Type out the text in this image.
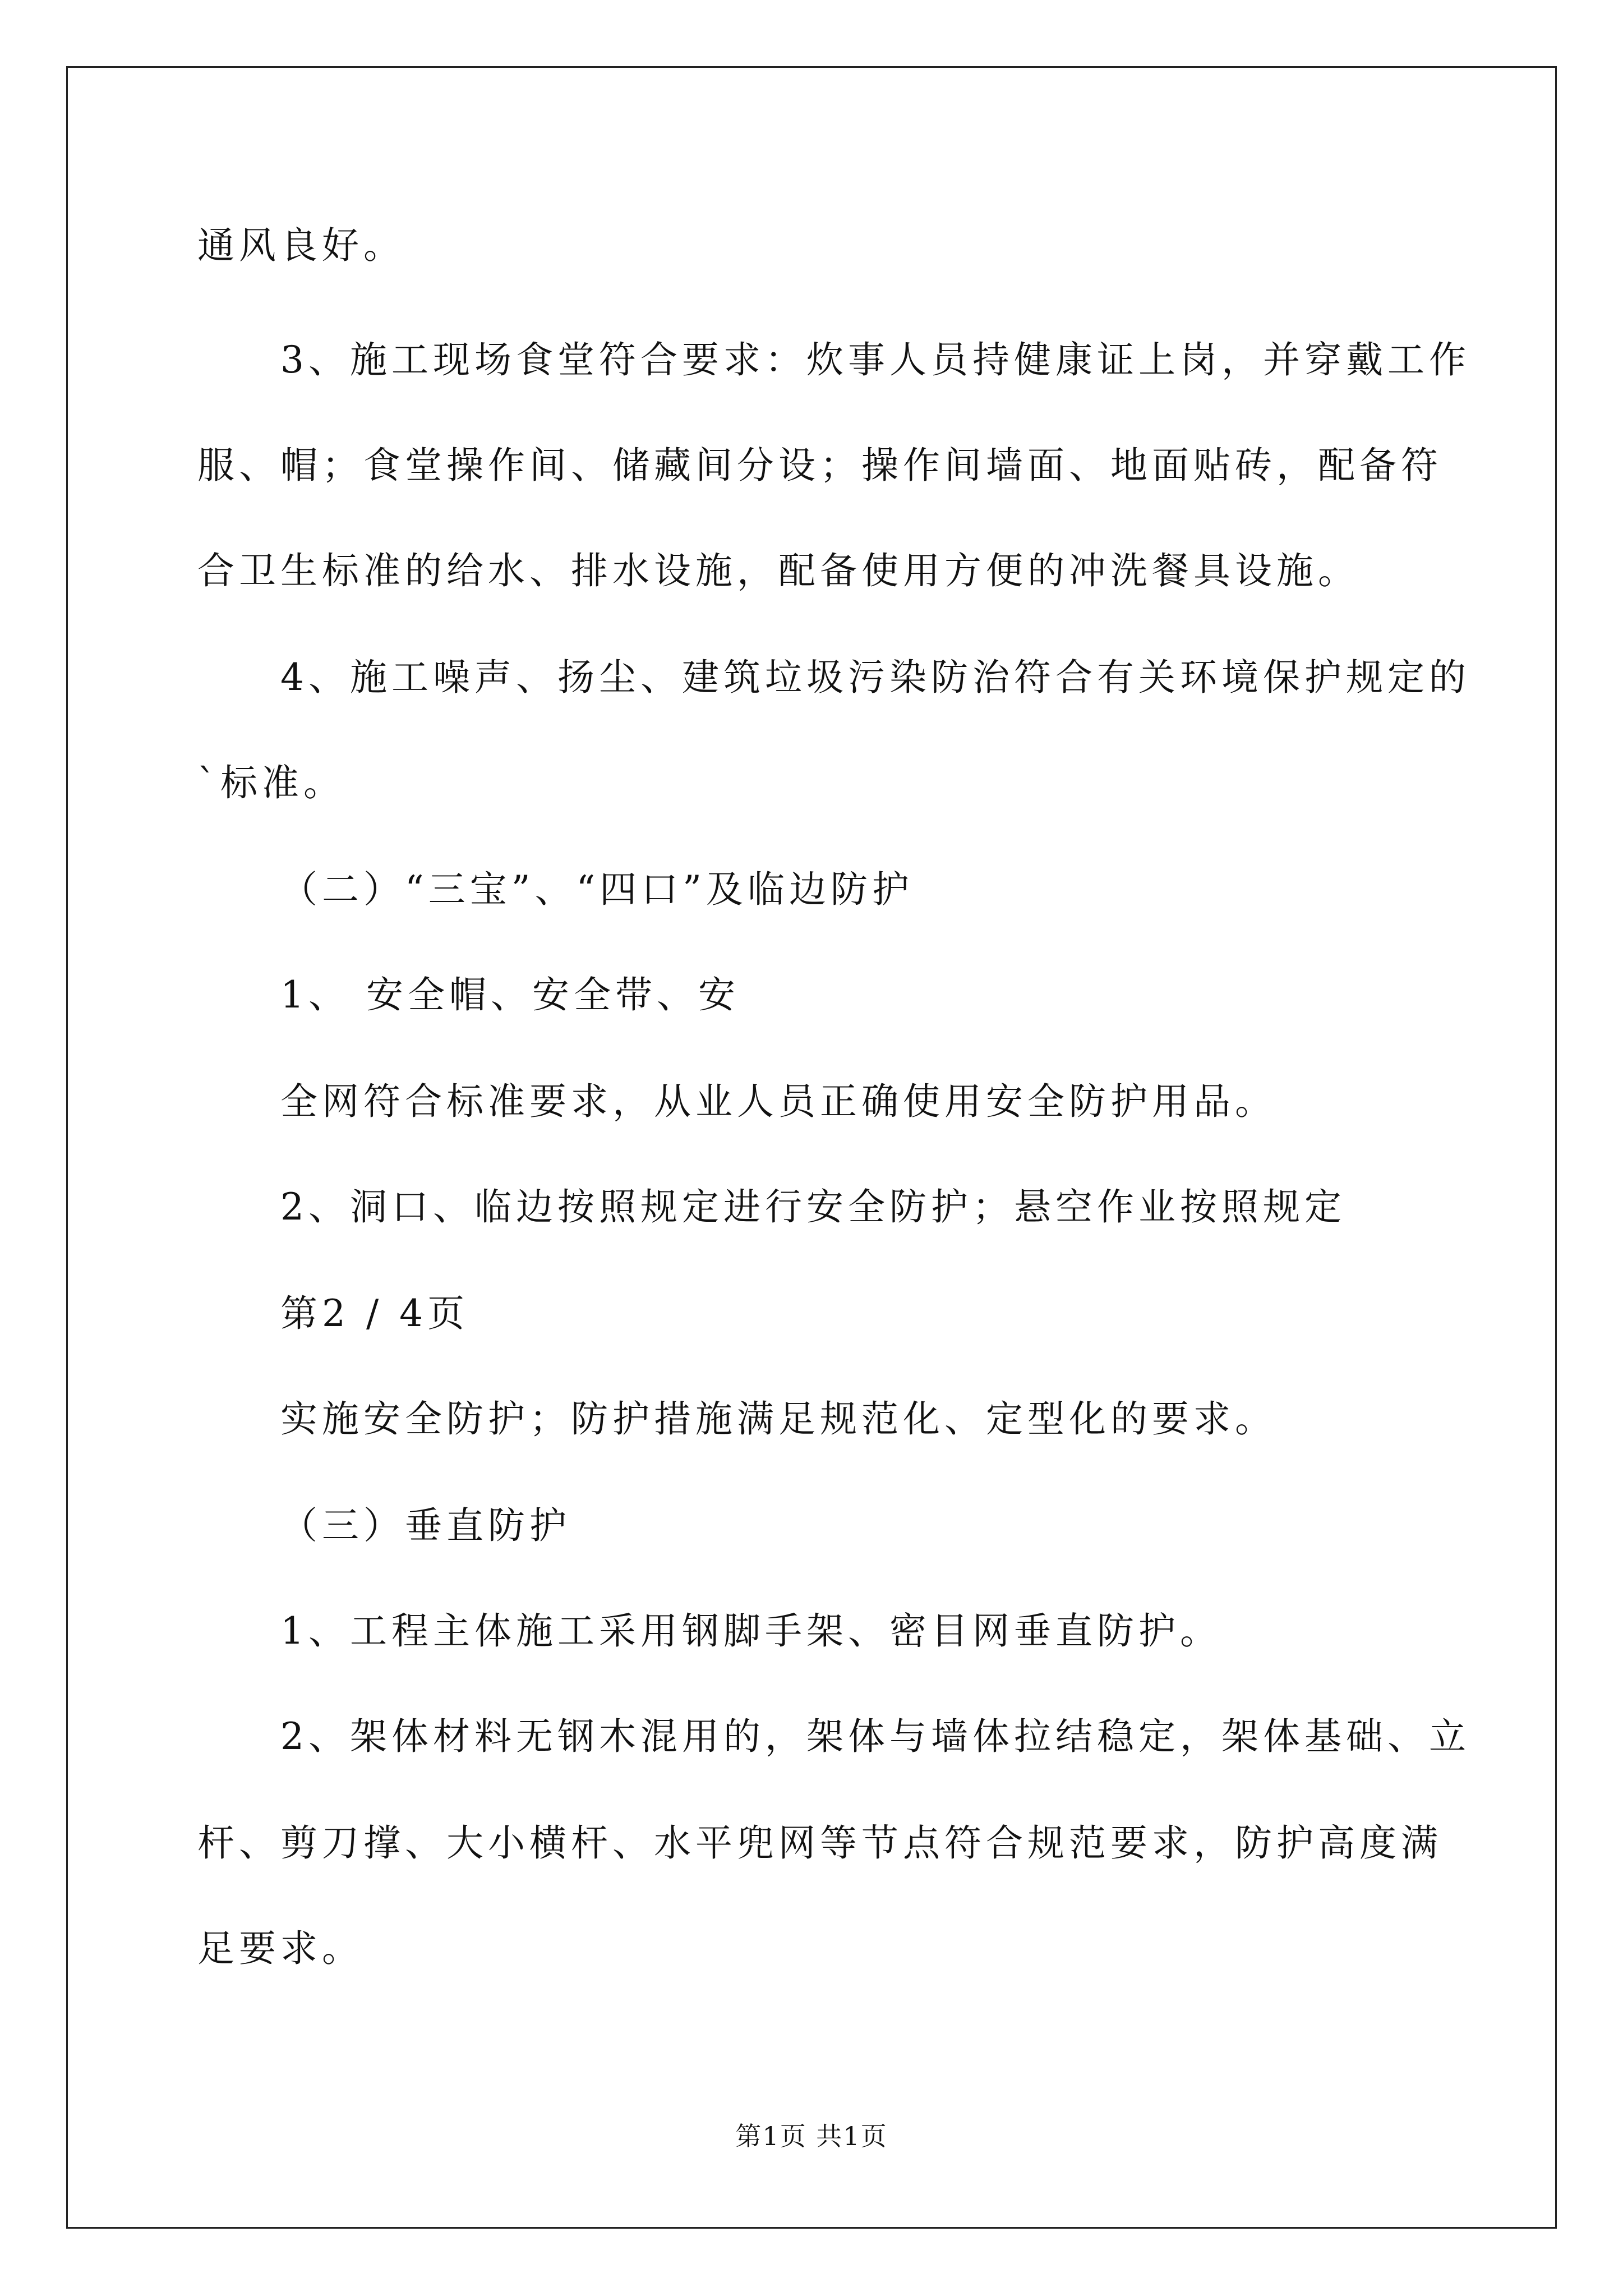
通风良好。
3、施工现场食堂符合要求：炊事人员持健康证上岗，并穿戴工作
服、帽；食堂操作间、储藏间分设；操作间墙面、地面贴砖，配备符
合卫生标准的给水、排水设施，配备使用方便的冲洗餐具设施。
4、施工噪声、扬尘、建筑垃圾污染防治符合有关环境保护规定的
`标准。
（二）“三宝”、“四口”及临边防护
1、 安全帽、安全带、安
全网符合标准要求，从业人员正确使用安全防护用品。
2、洞口、临边按照规定进行安全防护；悬空作业按照规定
第2 / 4页
实施安全防护；防护措施满足规范化、定型化的要求。
（三）垂直防护
1、工程主体施工采用钢脚手架、密目网垂直防护。
2、架体材料无钢木混用的，架体与墙体拉结稳定，架体基础、立
杆、剪刀撑、大小横杆、水平兜网等节点符合规范要求，防护高度满
足要求。
第1页 共1页
